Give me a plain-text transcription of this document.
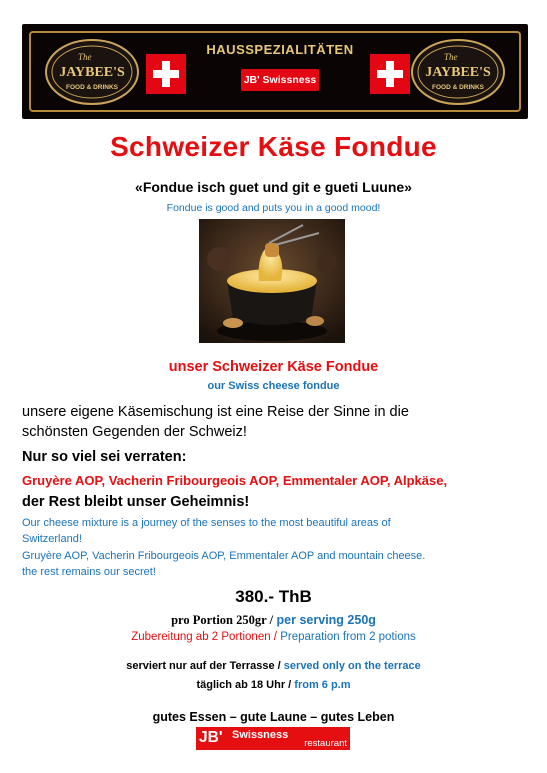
The
JAYBEE'S
FOOD & DRINKS
HAUSSPEZIALITÄTEN
JB' Swissness
The
JAYBEE'S
FOOD & DRINKS
Schweizer Käse Fondue
«Fondue isch guet und git e gueti Luune»
Fondue is good and puts you in a good mood!
unser Schweizer Käse Fondue
our Swiss cheese fondue
unsere eigene Käsemischung ist eine Reise der Sinne in die
schönsten Gegenden der Schweiz!
Nur so viel sei verraten:
Gruyère AOP, Vacherin Fribourgeois AOP, Emmentaler AOP, Alpkäse,
der Rest bleibt unser Geheimnis!
Our cheese mixture is a journey of the senses to the most beautiful areas of
Switzerland!
Gruyère AOP, Vacherin Fribourgeois AOP, Emmentaler AOP and mountain cheese.
the rest remains our secret!
380.- ThB
pro Portion 250gr / per serving 250g
Zubereitung ab 2 Portionen / Preparation from 2 potions
serviert nur auf der Terrasse / served only on the terrace
täglich ab 18 Uhr / from 6 p.m
gutes Essen – gute Laune – gutes Leben
JB' Swissness
restaurant
